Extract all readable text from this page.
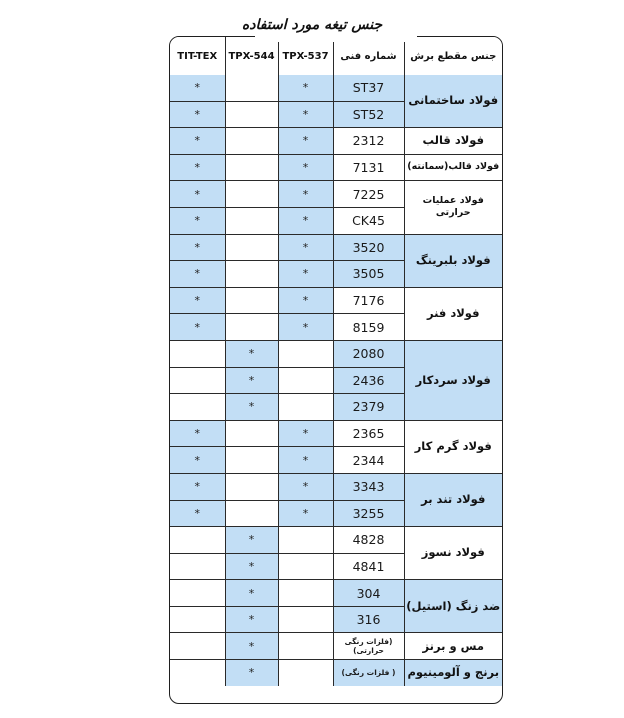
جنس تیغه مورد استفاده
TIT-TEX	TPX-544	TPX-537	شماره فنی	جنس مقطع برش
*		*	ST37	فولاد ساختمانی
*		*	ST52	
*		*	2312	فولاد قالب
*		*	7131	فولاد قالب(سمانته)
*		*	7225	فولاد عملیات حرارتی
*		*	CK45	
*		*	3520	فولاد بلبرینگ
*		*	3505	
*		*	7176	فولاد فنر
*		*	8159	
	*		2080	فولاد سردکار
	*		2436	
	*		2379	
*		*	2365	فولاد گرم کار
*		*	2344	
*		*	3343	فولاد تند بر
*		*	3255	
	*		4828	فولاد نسوز
	*		4841	
	*		304	ضد زنگ (استیل)
	*		316	
	*		(فلزات رنگی حرارتی)	مس و برنز
	*		( فلزات رنگی)	برنج و آلومینیوم
